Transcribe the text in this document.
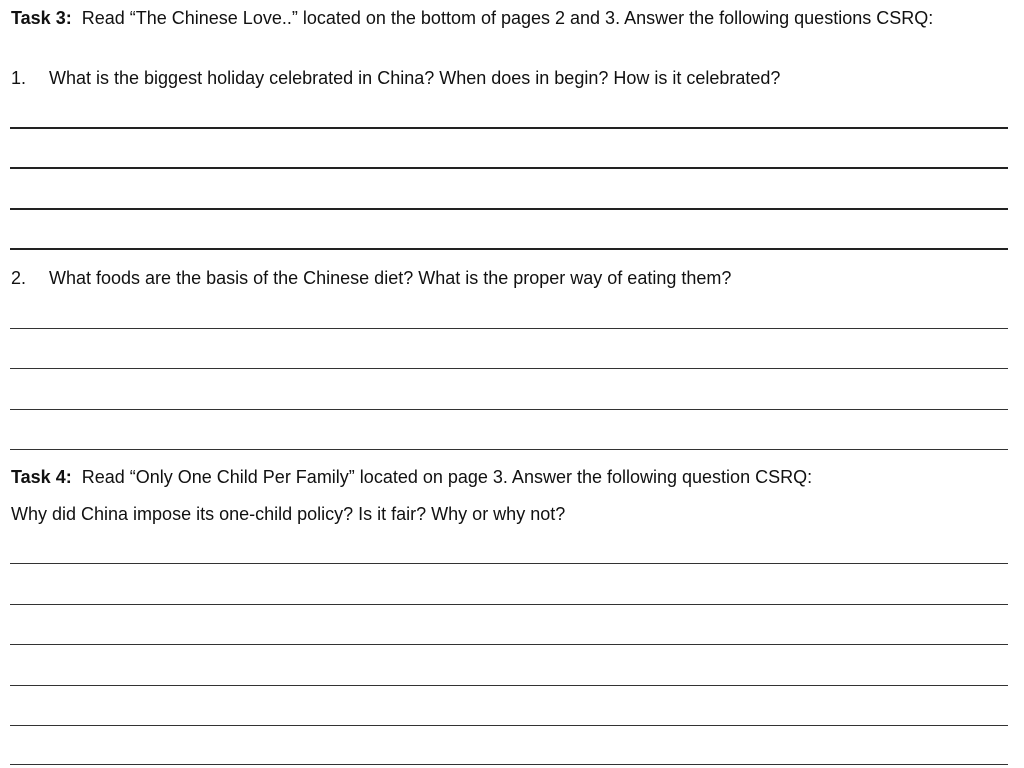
Task 3: Read “The Chinese Love..” located on the bottom of pages 2 and 3. Answer the following questions CSRQ:
1. What is the biggest holiday celebrated in China? When does in begin? How is it celebrated?
2. What foods are the basis of the Chinese diet? What is the proper way of eating them?
Task 4: Read “Only One Child Per Family” located on page 3. Answer the following question CSRQ:
Why did China impose its one-child policy? Is it fair? Why or why not?
